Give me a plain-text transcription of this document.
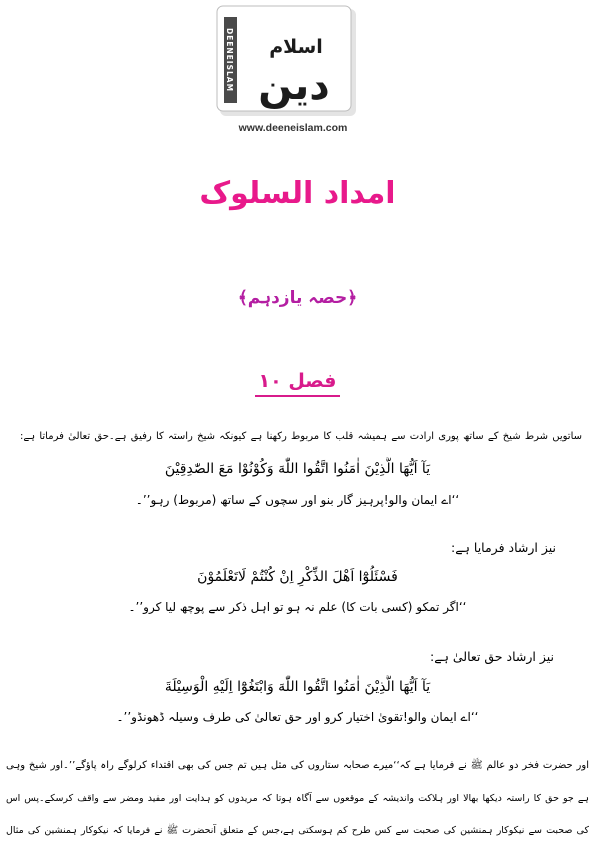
DEENEISLAM اسلام
دین
www.deeneislam.com
امداد السلوک
﴿حصہ یازدہم﴾
فصل ۱۰
ساتویں شرط شیخ کے ساتھ پوری ارادت سے ہمیشہ قلب کا مربوط رکھنا ہے کیونکہ شیخ راستہ کا رفیق ہے۔حق تعالیٰ فرماتا ہے:
يَآ اَيُّهَا الَّذِيْنَ اٰمَنُوا اتَّقُوا اللّٰهَ وَكُوْنُوْا مَعَ الصّٰدِقِيْنَ
‘‘اے ایمان والو!پرہیز گار بنو اور سچوں کے ساتھ (مربوط) رہو’’۔
نیز ارشاد فرمایا ہے:
فَسْئَلُوْٓا اَهْلَ الذِّكْرِ اِنْ كُنْتُمْ لَاتَعْلَمُوْنَ
‘‘اگر تمکو (کسی بات کا) علم نہ ہو تو اہل ذکر سے پوچھ لیا کرو’’۔
نیز ارشاد حق تعالیٰ ہے:
يَآ اَيُّهَا الَّذِيْنَ اٰمَنُوا اتَّقُوا اللّٰهَ وَابْتَغُوْٓا اِلَيْهِ الْوَسِيْلَةَ
‘‘اے ایمان والو!تقویٰ اختیار کرو اور حق تعالیٰ کی طرف وسیلہ ڈھونڈو’’۔
اور حضرت فخر دو عالم ﷺ نے فرمایا ہے کہ‘‘میرے صحابہ ستاروں کی مثل ہیں تم جس کی بھی اقتداء کرلوگے راہ پاؤگے’’۔اور شیخ وہی
ہے جو حق کا راستہ دیکھا بھالا اور ہلاکت واندیشہ کے موقعوں سے آگاہ ہوتا کہ مریدوں کو ہدایت اور مفید ومضر سے واقف کرسکے۔پس اس
کی صحبت سے نیکوکار ہمنشین کی صحبت سے کس طرح کم ہوسکتی ہے،جس کے متعلق آنحضرت ﷺ نے فرمایا کہ نیکوکار ہمنشین کی مثال
